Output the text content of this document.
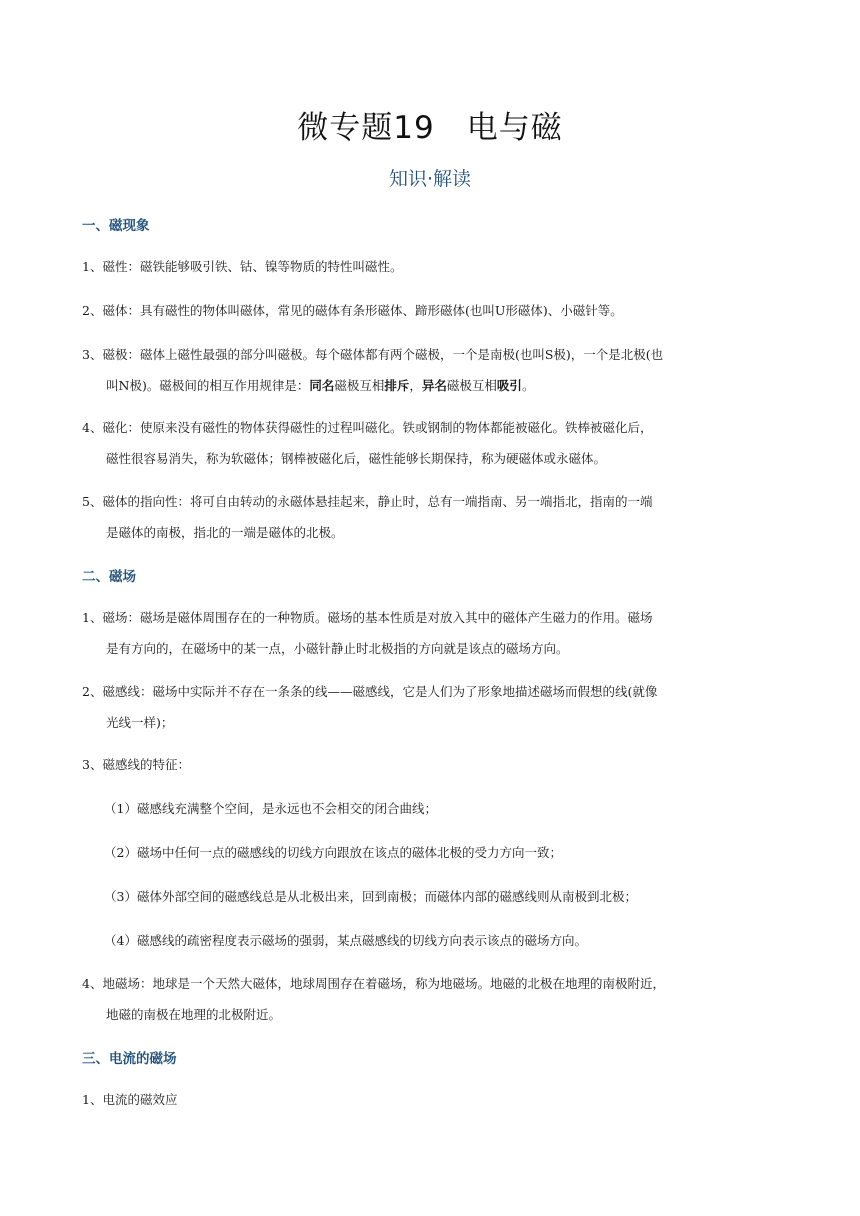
微专题19　电与磁
知识·解读
一、磁现象
1、磁性：磁铁能够吸引铁、钴、镍等物质的特性叫磁性。
2、磁体：具有磁性的物体叫磁体，常见的磁体有条形磁体、蹄形磁体(也叫U形磁体)、小磁针等。
3、磁极：磁体上磁性最强的部分叫磁极。每个磁体都有两个磁极，一个是南极(也叫S极)，一个是北极(也
叫N极)。磁极间的相互作用规律是：同名磁极互相排斥，异名磁极互相吸引。
4、磁化：使原来没有磁性的物体获得磁性的过程叫磁化。铁或钢制的物体都能被磁化。铁棒被磁化后，
磁性很容易消失，称为软磁体；钢棒被磁化后，磁性能够长期保持，称为硬磁体或永磁体。
5、磁体的指向性：将可自由转动的永磁体悬挂起来，静止时，总有一端指南、另一端指北，指南的一端
是磁体的南极，指北的一端是磁体的北极。
二、磁场
1、磁场：磁场是磁体周围存在的一种物质。磁场的基本性质是对放入其中的磁体产生磁力的作用。磁场
是有方向的，在磁场中的某一点，小磁针静止时北极指的方向就是该点的磁场方向。
2、磁感线：磁场中实际并不存在一条条的线——磁感线，它是人们为了形象地描述磁场而假想的线(就像
光线一样)；
3、磁感线的特征：
（1）磁感线充满整个空间，是永远也不会相交的闭合曲线；
（2）磁场中任何一点的磁感线的切线方向跟放在该点的磁体北极的受力方向一致；
（3）磁体外部空间的磁感线总是从北极出来，回到南极；而磁体内部的磁感线则从南极到北极；
（4）磁感线的疏密程度表示磁场的强弱，某点磁感线的切线方向表示该点的磁场方向。
4、地磁场：地球是一个天然大磁体，地球周围存在着磁场，称为地磁场。地磁的北极在地理的南极附近，
地磁的南极在地理的北极附近。
三、电流的磁场
1、电流的磁效应
